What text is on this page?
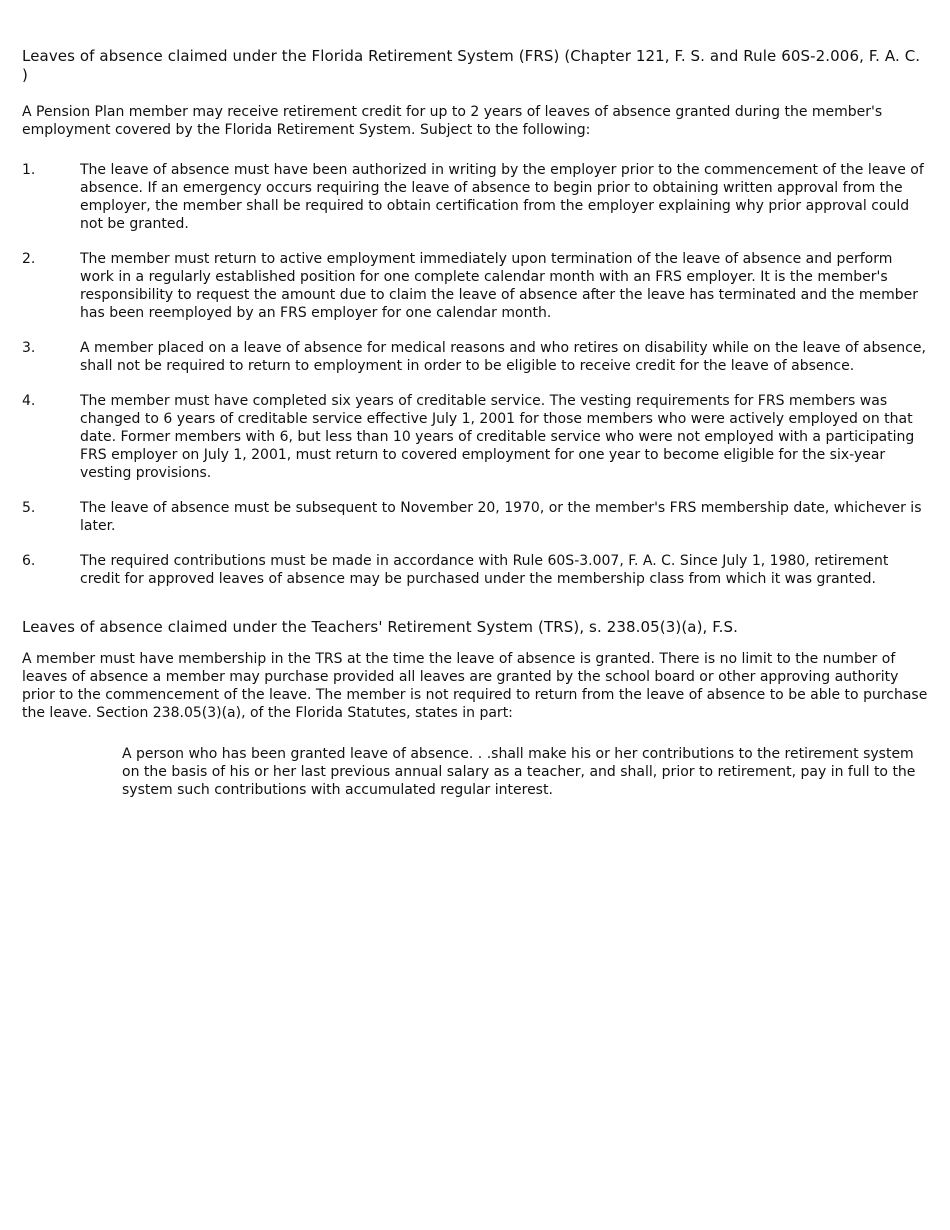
Leaves of absence claimed under the Florida Retirement System (FRS) (Chapter 121, F. S. and Rule 60S-2.006, F. A. C. )

A Pension Plan member may receive retirement credit for up to 2 years of leaves of absence granted during the member's employment covered by the Florida Retirement System. Subject to the following:

1.	The leave of absence must have been authorized in writing by the employer prior to the commencement of the leave of absence. If an emergency occurs requiring the leave of absence to begin prior to obtaining written approval from the employer, the member shall be required to obtain certification from the employer explaining why prior approval could not be granted.
2.	The member must return to active employment immediately upon termination of the leave of absence and perform work in a regularly established position for one complete calendar month with an FRS employer. It is the member's responsibility to request the amount due to claim the leave of absence after the leave has terminated and the member has been reemployed by an FRS employer for one calendar month.
3.	A member placed on a leave of absence for medical reasons and who retires on disability while on the leave of absence, shall not be required to return to employment in order to be eligible to receive credit for the leave of absence.
4.	The member must have completed six years of creditable service. The vesting requirements for FRS members was changed to 6 years of creditable service effective July 1, 2001 for those members who were actively employed on that date. Former members with 6, but less than 10 years of creditable service who were not employed with a participating FRS employer on July 1, 2001, must return to covered employment for one year to become eligible for the six-year vesting provisions.
5.	The leave of absence must be subsequent to November 20, 1970, or the member's FRS membership date, whichever is later.
6.	The required contributions must be made in accordance with Rule 60S-3.007, F. A. C. Since July 1, 1980, retirement credit for approved leaves of absence may be purchased under the membership class from which it was granted.
Leaves of absence claimed under the Teachers' Retirement System (TRS), s. 238.05(3)(a), F.S.

A member must have membership in the TRS at the time the leave of absence is granted. There is no limit to the number of leaves of absence a member may purchase provided all leaves are granted by the school board or other approving authority prior to the commencement of the leave. The member is not required to return from the leave of absence to be able to purchase the leave. Section 238.05(3)(a), of the Florida Statutes, states in part:

A person who has been granted leave of absence. . .shall make his or her contributions to the retirement system on the basis of his or her last previous annual salary as a teacher, and shall, prior to retirement, pay in full to the system such contributions with accumulated regular interest.
